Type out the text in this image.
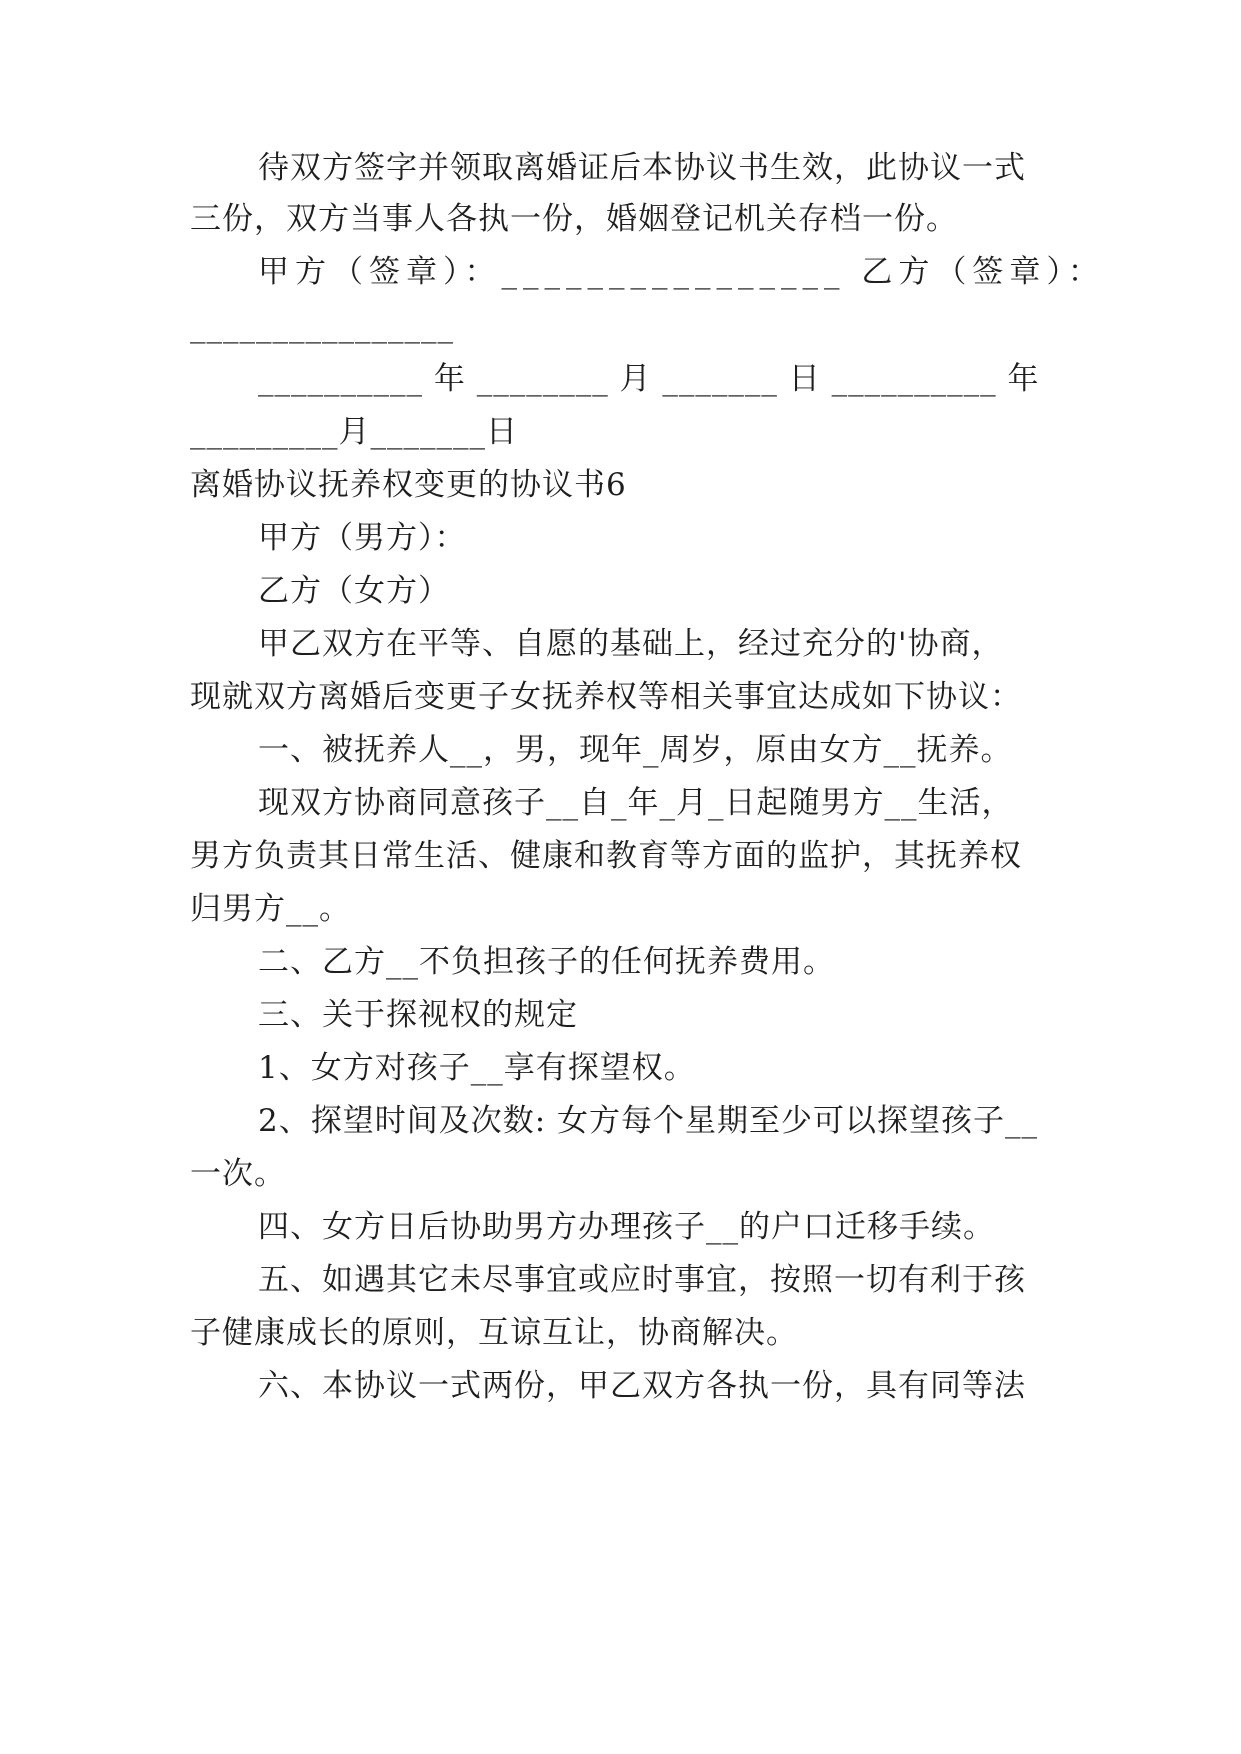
待双方签字并领取离婚证后本协议书生效，此协议一式
三份，双方当事人各执一份，婚姻登记机关存档一份。
甲方（签章）：________________ 乙方（签章）：
________________
__________ 年 ________ 月 _______ 日 __________ 年
_________月_______日
离婚协议抚养权变更的协议书6
甲方（男方）：
乙方（女方）
甲乙双方在平等、自愿的基础上，经过充分的'协商，
现就双方离婚后变更子女抚养权等相关事宜达成如下协议：
一、被抚养人__，男，现年_周岁，原由女方__抚养。
现双方协商同意孩子__自_年_月_日起随男方__生活，
男方负责其日常生活、健康和教育等方面的监护，其抚养权
归男方__。
二、乙方__不负担孩子的任何抚养费用。
三、关于探视权的规定
1、女方对孩子__享有探望权。
2、探望时间及次数: 女方每个星期至少可以探望孩子__
一次。
四、女方日后协助男方办理孩子__的户口迁移手续。
五、如遇其它未尽事宜或应时事宜，按照一切有利于孩
子健康成长的原则，互谅互让，协商解决。
六、本协议一式两份，甲乙双方各执一份，具有同等法
